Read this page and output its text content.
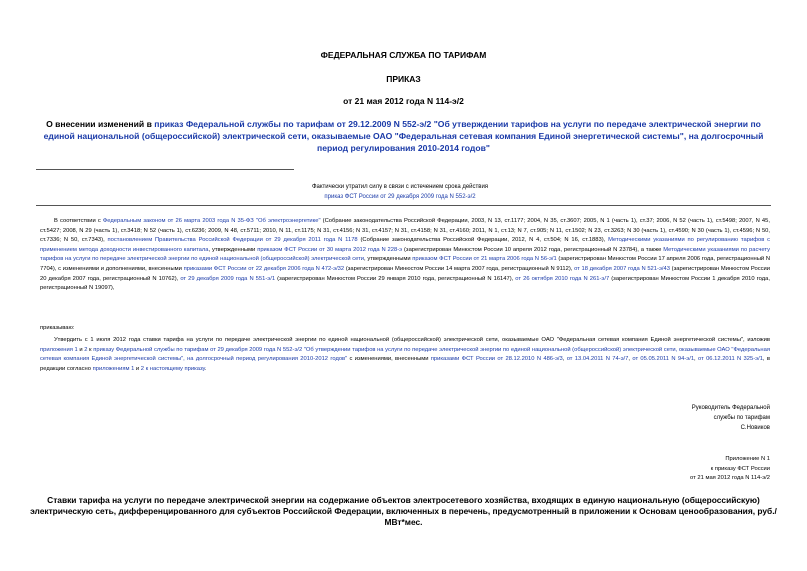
ФЕДЕРАЛЬНАЯ СЛУЖБА ПО ТАРИФАМ
ПРИКАЗ
от 21 мая 2012 года N 114-э/2
О внесении изменений в приказ Федеральной службы по тарифам от 29.12.2009 N 552-э/2 "Об утверждении тарифов на услуги по передаче электрической энергии по единой национальной (общероссийской) электрической сети, оказываемые ОАО "Федеральная сетевая компания Единой энергетической системы", на долгосрочный период регулирования 2010-2014 годов"
Фактически утратил силу в связи с истечением срока действия
приказ ФСТ России от 29 декабря 2009 года N 552-э/2
В соответствии с Федеральным законом от 26 марта 2003 года N 35-ФЗ "Об электроэнергетике" (Собрание законодательства Российской Федерации, 2003, N 13, ст.1177; 2004, N 35, ст.3607; 2005, N 1 (часть 1), ст.37; 2006, N 52 (часть 1), ст.5498; 2007, N 45, ст.5427; 2008, N 29 (часть 1), ст.3418; N 52 (часть 1), ст.6236; 2009, N 48, ст.5711; 2010, N 11, ст.1175; N 31, ст.4156; N 31, ст.4157; N 31, ст.4158; N 31, ст.4160; 2011, N 1, ст.13; N 7, ст.905; N 11, ст.1502; N 23, ст.3263; N 30 (часть 1), ст.4590; N 30 (часть 1), ст.4596; N 50, ст.7336; N 50, ст.7343), постановлением Правительства Российской Федерации от 29 декабря 2011 года N 1178 (Собрание законодательства Российской Федерации, 2012, N 4, ст.504; N 16, ст.1883), Методическими указаниями по регулированию тарифов с применением метода доходности инвестированного капитала, утвержденными приказом ФСТ России от 30 марта 2012 года N 228-э (зарегистрирован Минюстом России 10 апреля 2012 года, регистрационный N 23784), а также Методическими указаниями по расчету тарифов на услуги по передаче электрической энергии по единой национальной (общероссийской) электрической сети, утвержденными приказом ФСТ России от 21 марта 2006 года N 56-э/1 (зарегистрирован Минюстом России 17 апреля 2006 года, регистрационный N 7704), с изменениями и дополнениями, внесенными приказами ФСТ России от 22 декабря 2006 года N 472-э/32 (зарегистрирован Минюстом России 14 марта 2007 года, регистрационный N 9112), от 18 декабря 2007 года N 521-э/43 (зарегистрирован Минюстом России 20 декабря 2007 года, регистрационный N 10762), от 29 декабря 2009 года N 551-э/1 (зарегистрирован Минюстом России 29 января 2010 года, регистрационный N 16147), от 26 октября 2010 года N 261-э/7 (зарегистрирован Минюстом России 1 декабря 2010 года, регистрационный N 19097),
приказываю:
Утвердить с 1 июля 2012 года ставки тарифа на услуги по передаче электрической энергии по единой национальной (общероссийской) электрической сети, оказываемые ОАО "Федеральная сетевая компания Единой энергетической системы", изложив приложения 1 и 2 к приказу Федеральной службы по тарифам от 29 декабря 2009 года N 552-э/2 "Об утверждении тарифов на услуги по передаче электрической энергии по единой национальной (общероссийской) электрической сети, оказываемые ОАО "Федеральная сетевая компания Единой энергетической системы", на долгосрочный период регулирования 2010-2012 годов" с изменениями, внесенными приказами ФСТ России от 28.12.2010 N 486-э/3, от 13.04.2011 N 74-э/7, от 05.05.2011 N 94-э/1, от 06.12.2011 N 325-э/1, в редакции согласно приложениям 1 и 2 к настоящему приказу.
Руководитель Федеральной
службы по тарифам
С.Новиков
Приложение N 1
к приказу ФСТ России
от 21 мая 2012 года N 114-э/2
Ставки тарифа на услуги по передаче электрической энергии на содержание объектов электросетевого хозяйства, входящих в единую национальную (общероссийскую) электрическую сеть, дифференцированного для субъектов Российской Федерации, включенных в перечень, предусмотренный в приложении к Основам ценообразования, руб./МВт*мес.
